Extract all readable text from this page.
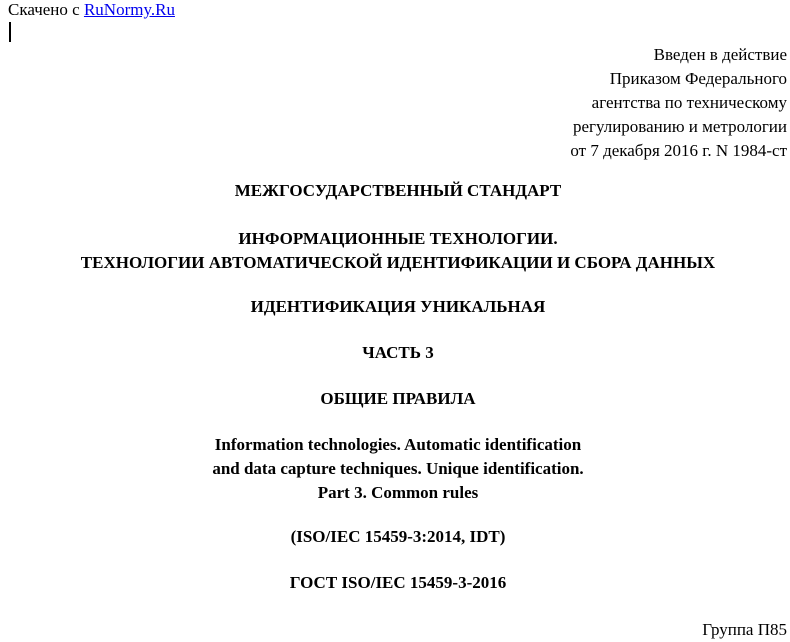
Скачено с RuNormy.Ru
Введен в действие
Приказом Федерального
агентства по техническому
регулированию и метрологии
от 7 декабря 2016 г. N 1984-ст
МЕЖГОСУДАРСТВЕННЫЙ СТАНДАРТ
ИНФОРМАЦИОННЫЕ ТЕХНОЛОГИИ.
ТЕХНОЛОГИИ АВТОМАТИЧЕСКОЙ ИДЕНТИФИКАЦИИ И СБОРА ДАННЫХ
ИДЕНТИФИКАЦИЯ УНИКАЛЬНАЯ
ЧАСТЬ 3
ОБЩИЕ ПРАВИЛА
Information technologies. Automatic identification
and data capture techniques. Unique identification.
Part 3. Common rules
(ISO/IEC 15459-3:2014, IDT)
ГОСТ ISO/IEC 15459-3-2016
Группа П85
